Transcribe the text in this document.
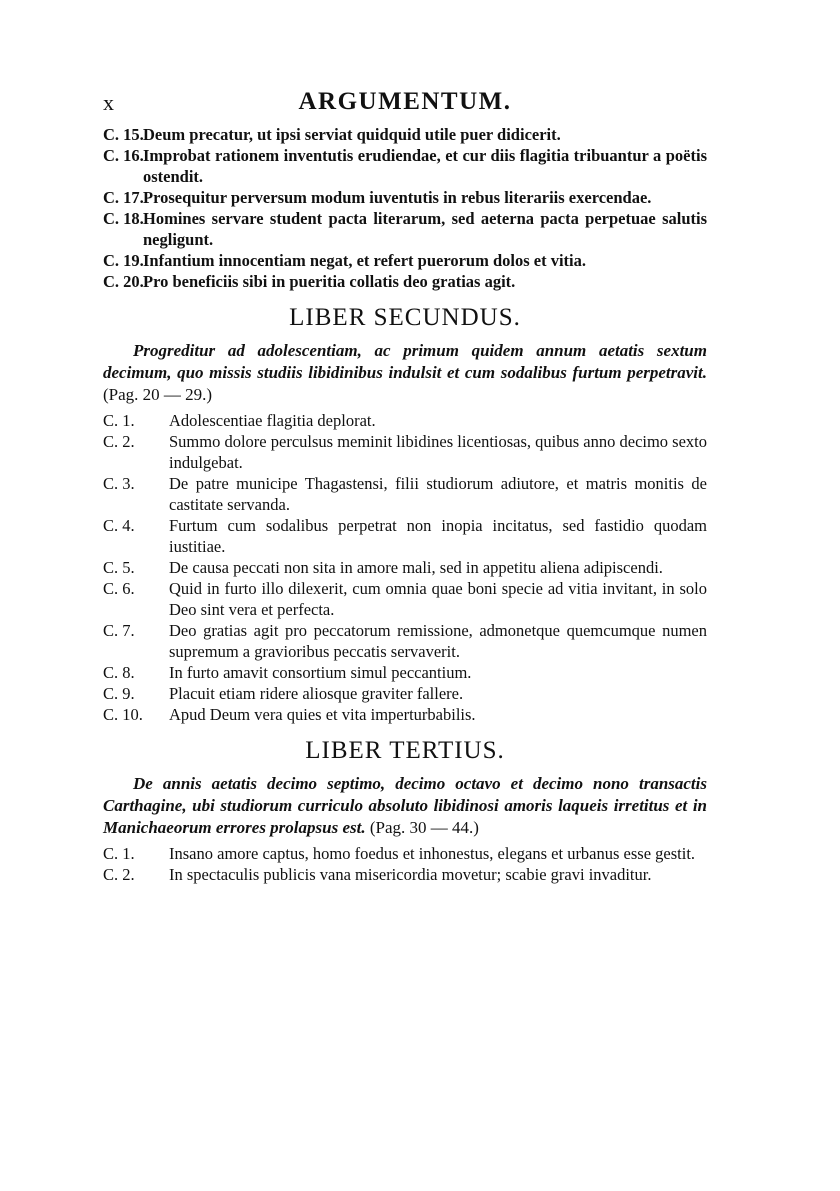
x	ARGUMENTUM.
C. 15. Deum precatur, ut ipsi serviat quidquid utile puer didicerit.
C. 16. Improbat rationem inventutis erudiendae, et cur diis flagitia tribuantur a poëtis ostendit.
C. 17. Prosequitur perversum modum iuventutis in rebus literariis exercendae.
C. 18. Homines servare student pacta literarum, sed aeterna pacta perpetuae salutis negligunt.
C. 19. Infantium innocentiam negat, et refert puerorum dolos et vitia.
C. 20. Pro beneficiis sibi in pueritia collatis deo gratias agit.
LIBER SECUNDUS.
Progreditur ad adolescentiam, ac primum quidem annum aetatis sextum decimum, quo missis studiis libidinibus indulsit et cum sodalibus furtum perpetravit. (Pag. 20 — 29.)
C. 1. Adolescentiae flagitia deplorat.
C. 2. Summo dolore perculsus meminit libidines licentiosas, quibus anno decimo sexto indulgebat.
C. 3. De patre municipe Thagastensi, filii studiorum adiutore, et matris monitis de castitate servanda.
C. 4. Furtum cum sodalibus perpetrat non inopia incitatus, sed fastidio quodam iustitiae.
C. 5. De causa peccati non sita in amore mali, sed in appetitu aliena adipiscendi.
C. 6. Quid in furto illo dilexerit, cum omnia quae boni specie ad vitia invitant, in solo Deo sint vera et perfecta.
C. 7. Deo gratias agit pro peccatorum remissione, admonetque quemcumque numen supremum a gravioribus peccatis servaverit.
C. 8. In furto amavit consortium simul peccantium.
C. 9. Placuit etiam ridere aliosque graviter fallere.
C. 10. Apud Deum vera quies et vita imperturbabilis.
LIBER TERTIUS.
De annis aetatis decimo septimo, decimo octavo et decimo nono transactis Carthagine, ubi studiorum curriculo absoluto libidinosi amoris laqueis irretitus et in Manichaeorum errores prolapsus est. (Pag. 30 — 44.)
C. 1. Insano amore captus, homo foedus et inhonestus, elegans et urbanus esse gestit.
C. 2. In spectaculis publicis vana misericordia movetur; scabie gravi invaditur.
